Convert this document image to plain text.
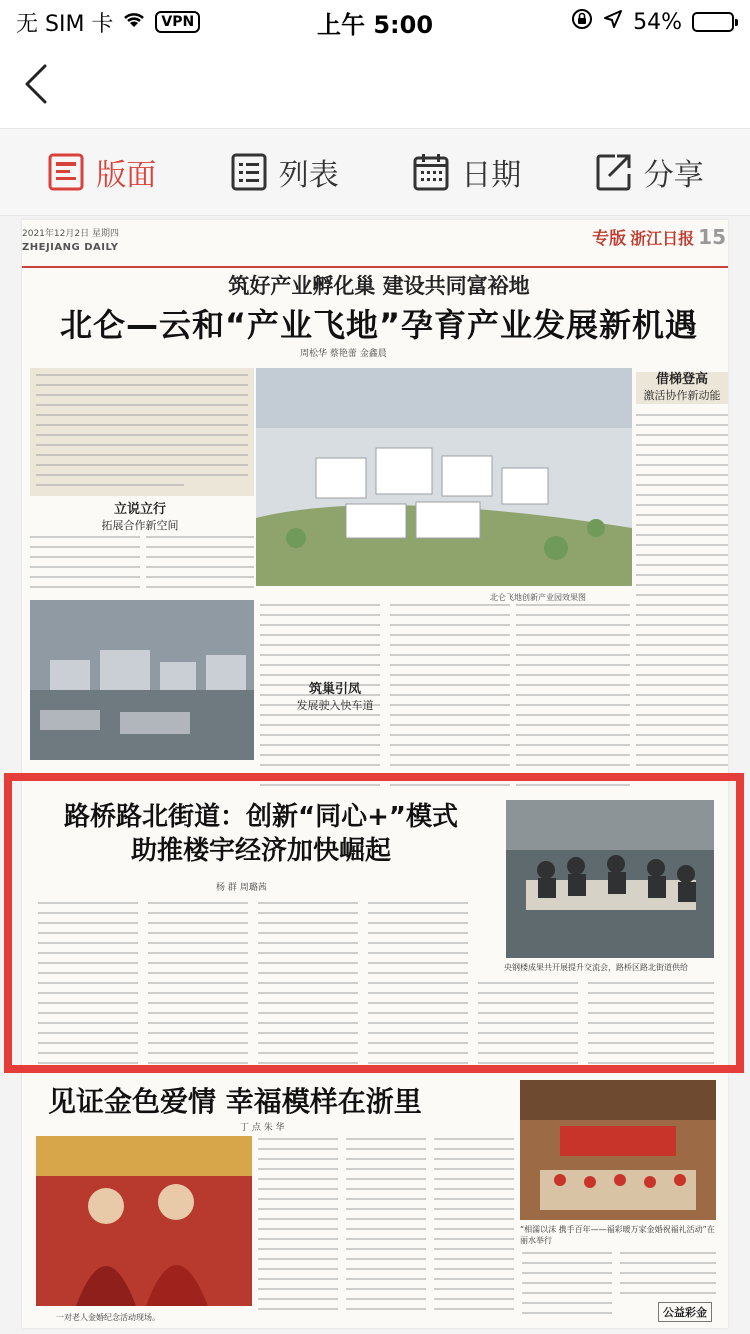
无 SIM 卡	VPN	上午 5:00	54%
版面	列表	日期	分享
2021年12月2日 星期四
ZHEJIANG DAILY	专版 浙江日报 15
筑好产业孵化巢 建设共同富裕地
北仑—云和“产业飞地”孕育产业发展新机遇
周松华 蔡艳蕾 金鑫晨
立说立行
拓展合作新空间
北仑飞地创新产业园效果图
借梯登高
激活协作新动能
筑巢引凤
发展驶入快车道
路桥路北街道：创新“同心+”模式
助推楼宇经济加快崛起
杨 群 周璐茜
央钢楼成果共开展提升交流会，路桥区路北街道供给
见证金色爱情 幸福模样在浙里
丁 点 朱 华
一对老人金婚纪念活动现场。
“相濡以沫 携手百年——福彩暖万家金婚祝福礼活动”在丽水举行
公益彩金
